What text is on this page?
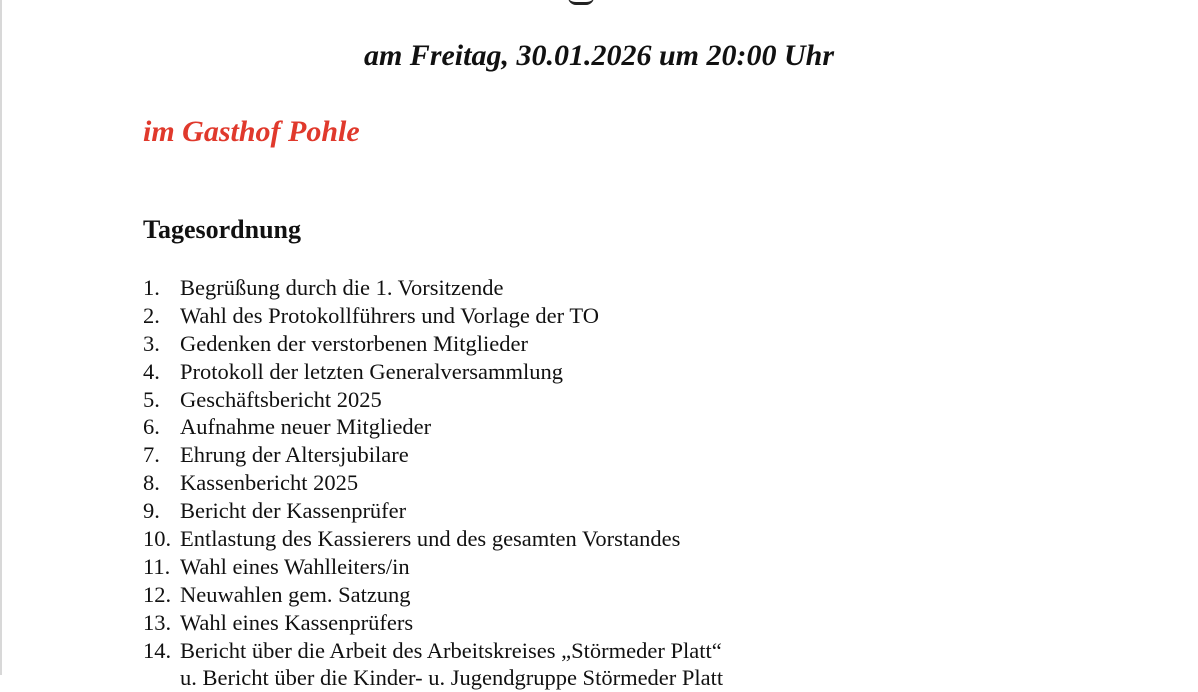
am Freitag, 30.01.2026 um 20:00 Uhr
im Gasthof Pohle
Tagesordnung
1. Begrüßung durch die 1. Vorsitzende
2. Wahl des Protokollführers und Vorlage der TO
3. Gedenken der verstorbenen Mitglieder
4. Protokoll der letzten Generalversammlung
5. Geschäftsbericht 2025
6. Aufnahme neuer Mitglieder
7. Ehrung der Altersjubilare
8. Kassenbericht 2025
9. Bericht der Kassenprüfer
10. Entlastung des Kassierers und des gesamten Vorstandes
11. Wahl eines Wahlleiters/in
12. Neuwahlen gem. Satzung
13. Wahl eines Kassenprüfers
14. Bericht über die Arbeit des Arbeitskreises „Störmeder Platt“
u. Bericht über die Kinder- u. Jugendgruppe Störmeder Platt
